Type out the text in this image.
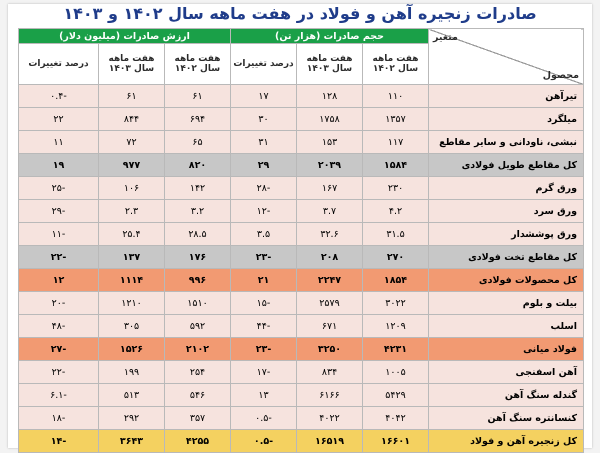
صادرات زنجیره آهن و فولاد در هفت ماهه سال ۱۴۰۲ و ۱۴۰۳
متغیر
محصول	حجم صادرات (هزار تن)			ارزش صادرات (میلیون دلار)		
	هفت ماهه سال ۱۴۰۲	هفت ماهه سال ۱۴۰۳	درصد تغییرات	هفت ماهه سال ۱۴۰۲	هفت ماهه سال ۱۴۰۳	درصد تغییرات
تیرآهن	۱۱۰	۱۲۸	۱۷	۶۱	۶۱	-۰.۴
میلگرد	۱۳۵۷	۱۷۵۸	۳۰	۶۹۴	۸۴۴	۲۲
نبشی، ناودانی و سایر مقاطع	۱۱۷	۱۵۳	۳۱	۶۵	۷۲	۱۱
کل مقاطع طویل فولادی	۱۵۸۴	۲۰۳۹	۲۹	۸۲۰	۹۷۷	۱۹
ورق گرم	۲۳۰	۱۶۷	-۲۸	۱۴۲	۱۰۶	-۲۵
ورق سرد	۴.۲	۳.۷	-۱۲	۳.۲	۲.۳	-۲۹
ورق پوششدار	۳۱.۵	۳۲.۶	۳.۵	۲۸.۵	۲۵.۴	-۱۱
کل مقاطع تخت فولادی	۲۷۰	۲۰۸	-۲۳	۱۷۶	۱۳۷	-۲۲
کل محصولات فولادی	۱۸۵۴	۲۲۴۷	۲۱	۹۹۶	۱۱۱۴	۱۲
بیلت و بلوم	۳۰۲۲	۲۵۷۹	-۱۵	۱۵۱۰	۱۲۱۰	-۲۰
اسلب	۱۲۰۹	۶۷۱	-۴۴	۵۹۲	۳۰۵	-۴۸
فولاد میانی	۴۲۳۱	۳۲۵۰	-۲۳	۲۱۰۲	۱۵۲۶	-۲۷
آهن اسفنجی	۱۰۰۵	۸۳۴	-۱۷	۲۵۴	۱۹۹	-۲۲
گندله سنگ آهن	۵۴۲۹	۶۱۶۶	۱۳	۵۴۶	۵۱۳	-۶.۱
کنسانتره سنگ آهن	۴۰۴۲	۴۰۲۲	-۰.۵	۳۵۷	۲۹۲	-۱۸
کل زنجیره آهن و فولاد	۱۶۶۰۱	۱۶۵۱۹	-۰.۵	۴۲۵۵	۳۶۴۳	-۱۴
